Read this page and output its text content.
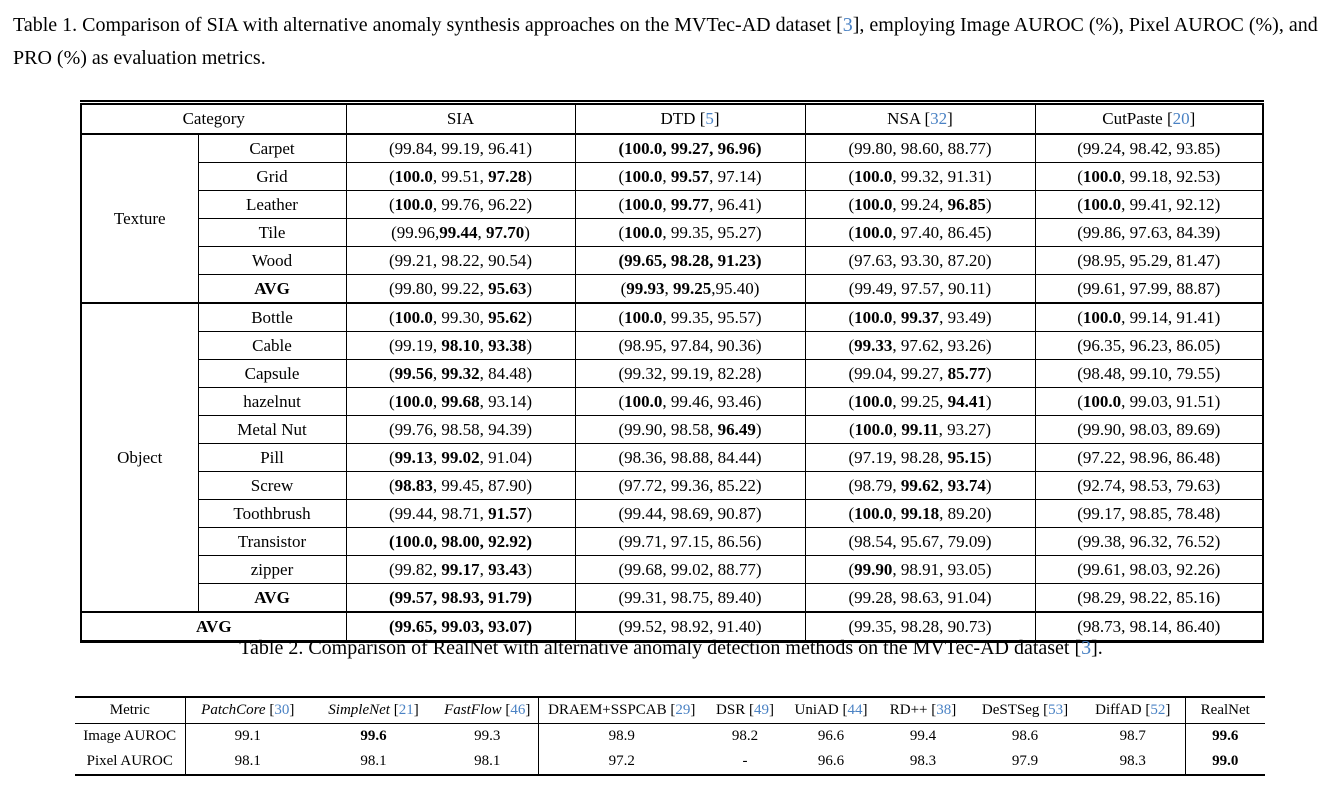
Table 1. Comparison of SIA with alternative anomaly synthesis approaches on the MVTec-AD dataset [3], employing Image AUROC (%), Pixel AUROC (%), and PRO (%) as evaluation metrics.
Category		SIA	DTD [5]	NSA [32]	CutPaste [20]
Texture	Carpet	(99.84, 99.19, 96.41)	(100.0, 99.27, 96.96)	(99.80, 98.60, 88.77)	(99.24, 98.42, 93.85)
	Grid	(100.0, 99.51, 97.28)	(100.0, 99.57, 97.14)	(100.0, 99.32, 91.31)	(100.0, 99.18, 92.53)
	Leather	(100.0, 99.76, 96.22)	(100.0, 99.77, 96.41)	(100.0, 99.24, 96.85)	(100.0, 99.41, 92.12)
	Tile	(99.96,99.44, 97.70)	(100.0, 99.35, 95.27)	(100.0, 97.40, 86.45)	(99.86, 97.63, 84.39)
	Wood	(99.21, 98.22, 90.54)	(99.65, 98.28, 91.23)	(97.63, 93.30, 87.20)	(98.95, 95.29, 81.47)
	AVG	(99.80, 99.22, 95.63)	(99.93, 99.25,95.40)	(99.49, 97.57, 90.11)	(99.61, 97.99, 88.87)
Object	Bottle	(100.0, 99.30, 95.62)	(100.0, 99.35, 95.57)	(100.0, 99.37, 93.49)	(100.0, 99.14, 91.41)
	Cable	(99.19, 98.10, 93.38)	(98.95, 97.84, 90.36)	(99.33, 97.62, 93.26)	(96.35, 96.23, 86.05)
	Capsule	(99.56, 99.32, 84.48)	(99.32, 99.19, 82.28)	(99.04, 99.27, 85.77)	(98.48, 99.10, 79.55)
	hazelnut	(100.0, 99.68, 93.14)	(100.0, 99.46, 93.46)	(100.0, 99.25, 94.41)	(100.0, 99.03, 91.51)
	Metal Nut	(99.76, 98.58, 94.39)	(99.90, 98.58, 96.49)	(100.0, 99.11, 93.27)	(99.90, 98.03, 89.69)
	Pill	(99.13, 99.02, 91.04)	(98.36, 98.88, 84.44)	(97.19, 98.28, 95.15)	(97.22, 98.96, 86.48)
	Screw	(98.83, 99.45, 87.90)	(97.72, 99.36, 85.22)	(98.79, 99.62, 93.74)	(92.74, 98.53, 79.63)
	Toothbrush	(99.44, 98.71, 91.57)	(99.44, 98.69, 90.87)	(100.0, 99.18, 89.20)	(99.17, 98.85, 78.48)
	Transistor	(100.0, 98.00, 92.92)	(99.71, 97.15, 86.56)	(98.54, 95.67, 79.09)	(99.38, 96.32, 76.52)
	zipper	(99.82, 99.17, 93.43)	(99.68, 99.02, 88.77)	(99.90, 98.91, 93.05)	(99.61, 98.03, 92.26)
	AVG	(99.57, 98.93, 91.79)	(99.31, 98.75, 89.40)	(99.28, 98.63, 91.04)	(98.29, 98.22, 85.16)
AVG		(99.65, 99.03, 93.07)	(99.52, 98.92, 91.40)	(99.35, 98.28, 90.73)	(98.73, 98.14, 86.40)
Table 2. Comparison of RealNet with alternative anomaly detection methods on the MVTec-AD dataset [3].
Metric	PatchCore [30]	SimpleNet [21]	FastFlow [46]	DRAEM+SSPCAB [29]	DSR [49]	UniAD [44]	RD++ [38]	DeSTSeg [53]	DiffAD [52]	RealNet
Image AUROC	99.1	99.6	99.3	98.9	98.2	96.6	99.4	98.6	98.7	99.6
Pixel AUROC	98.1	98.1	98.1	97.2	-	96.6	98.3	97.9	98.3	99.0
